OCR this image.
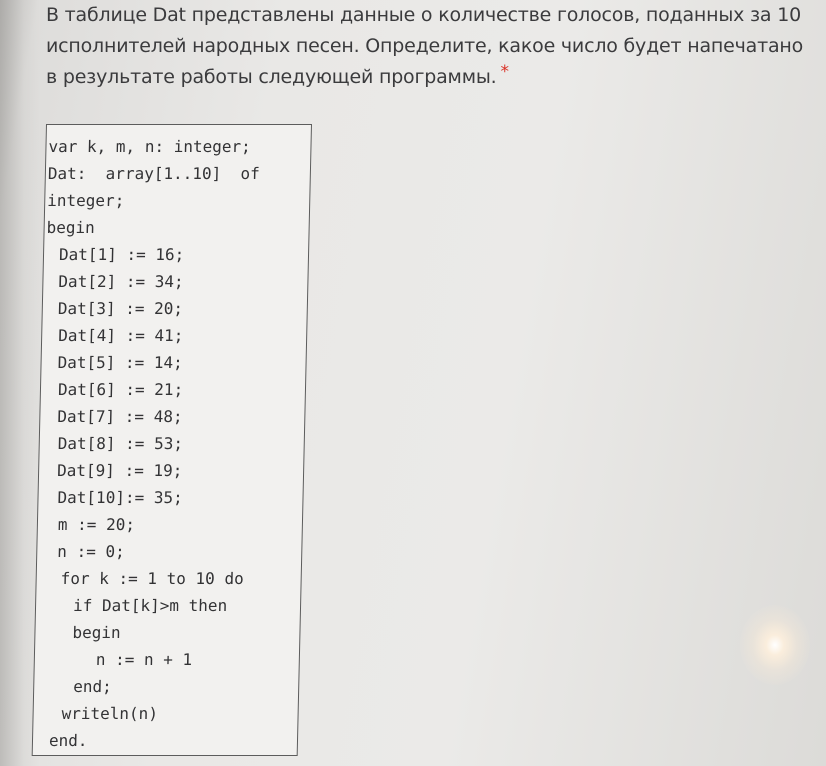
В таблице Dat представлены данные о количестве голосов, поданных за 10
исполнителей народных песен. Определите, какое число будет напечатано
в результате работы следующей программы. *
var k, m, n: integer;
Dat:  array[1..10]  of
integer;
begin
Dat[1] := 16;
Dat[2] := 34;
Dat[3] := 20;
Dat[4] := 41;
Dat[5] := 14;
Dat[6] := 21;
Dat[7] := 48;
Dat[8] := 53;
Dat[9] := 19;
Dat[10]:= 35;
m := 20;
n := 0;
for k := 1 to 10 do
if Dat[k]>m then
begin
n := n + 1
end;
writeln(n)
end.
